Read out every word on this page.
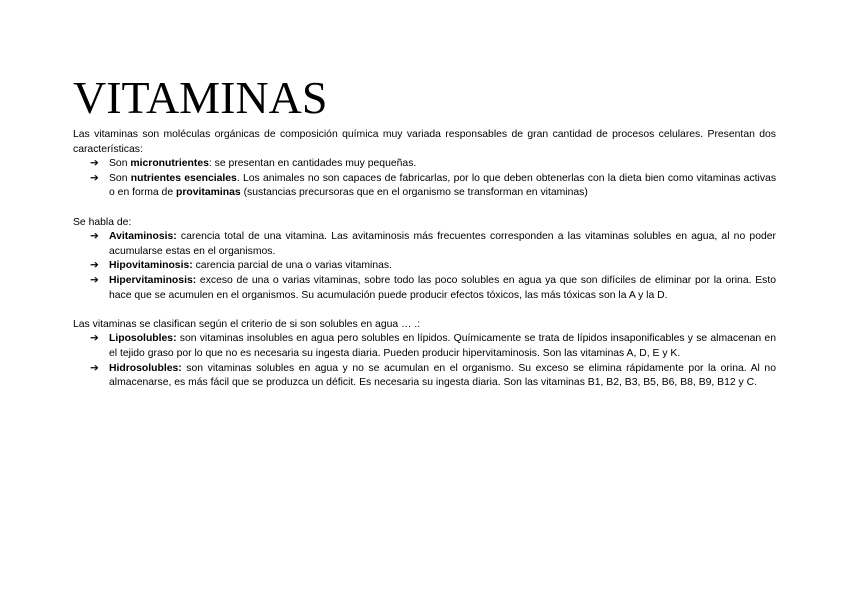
VITAMINAS

Las vitaminas son moléculas orgánicas de composición química muy variada responsables de gran cantidad de procesos celulares. Presentan dos características:

➔ Son micronutrientes: se presentan en cantidades muy pequeñas.
➔ Son nutrientes esenciales. Los animales no son capaces de fabricarlas, por lo que deben obtenerlas con la dieta bien como vitaminas activas o en forma de provitaminas (sustancias precursoras que en el organismo se transforman en vitaminas)

Se habla de:

➔ Avitaminosis: carencia total de una vitamina. Las avitaminosis más frecuentes corresponden a las vitaminas solubles en agua, al no poder acumularse estas en el organismos.
➔ Hipovitaminosis: carencia parcial de una o varias vitaminas.
➔ Hipervitaminosis: exceso de una o varias vitaminas, sobre todo las poco solubles en agua ya que son difíciles de eliminar por la orina. Esto hace que se acumulen en el organismos. Su acumulación puede producir efectos tóxicos, las más tóxicas son la A y la D.

Las vitaminas se clasifican según el criterio de si son solubles en agua … .:

➔ Liposolubles: son vitaminas insolubles en agua pero solubles en lípidos. Químicamente se trata de lípidos insaponificables y se almacenan en el tejido graso por lo que no es necesaria su ingesta diaria. Pueden producir hipervitaminosis. Son las vitaminas A, D, E y K.
➔ Hidrosolubles: son vitaminas solubles en agua y no se acumulan en el organismo. Su exceso se elimina rápidamente por la orina. Al no almacenarse, es más fácil que se produzca un déficit. Es necesaria su ingesta diaria. Son las vitaminas B1, B2, B3, B5, B6, B8, B9, B12 y C.
